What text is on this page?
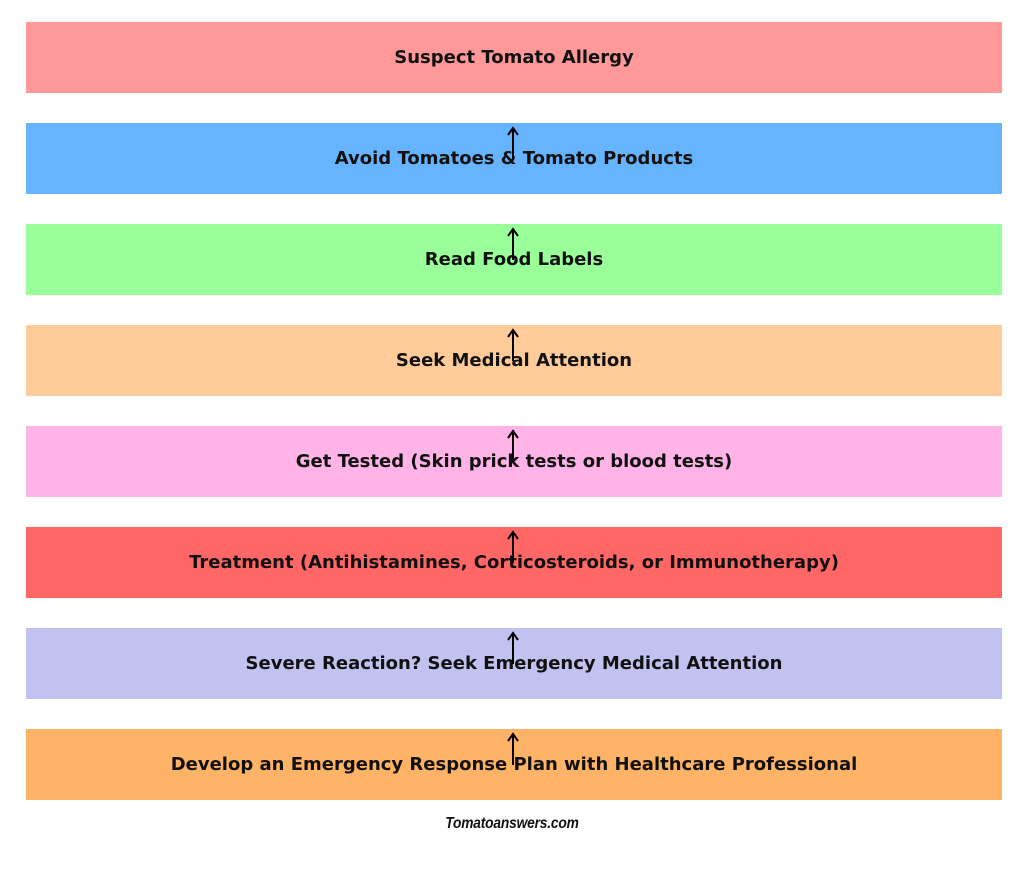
Suspect Tomato Allergy
Avoid Tomatoes & Tomato Products
Read Food Labels
Seek Medical Attention
Get Tested (Skin prick tests or blood tests)
Treatment (Antihistamines, Corticosteroids, or Immunotherapy)
Severe Reaction? Seek Emergency Medical Attention
Develop an Emergency Response Plan with Healthcare Professional
Tomatoanswers.com
